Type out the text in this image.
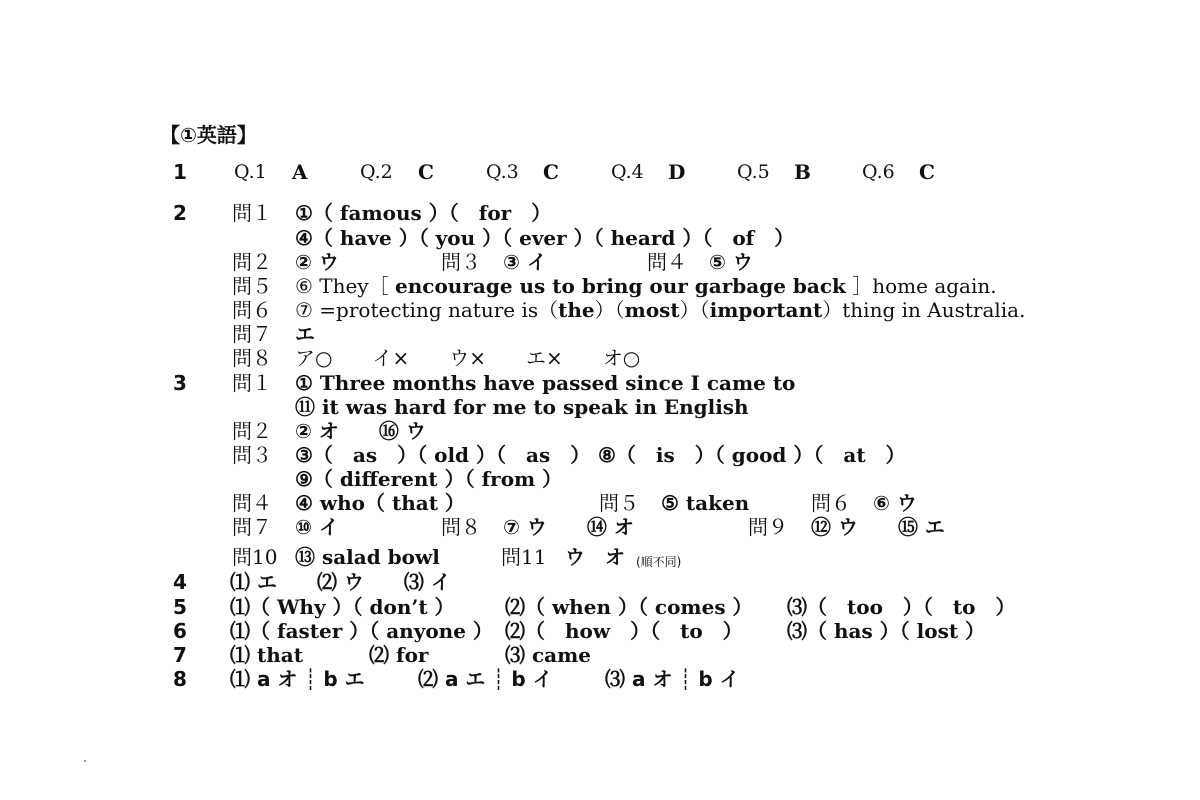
【①英語】
1 Q.1 A	Q.2 C	Q.3 C	Q.4 D	Q.5 B	Q.6 C
2 問１ ①（ famous ）（　for　）
④（ have ）（ you ）（ ever ）（ heard ）（　of　）
問２ ② ウ	問３ ③ イ	問４ ⑤ ウ
問５ ⑥ They［ encourage us to bring our garbage back ］home again.
問６ ⑦ =protecting nature is（the）（most）（important）thing in Australia.
問７ エ
問８ ア○　　イ×　　ウ×　　エ×　　オ○
3 問１ ① Three months have passed since I came to
⑪ it was hard for me to speak in English
問２ ② オ　　⑯ ウ
問３ ③（　as　）（ old ）（　as　） ⑧（　is　）（ good ）（　at　）
⑨（ different ）（ from ）
問４ ④ who（ that ）	問５ ⑤ taken	問６ ⑥ ウ
問７ ⑩ イ	問８ ⑦ ウ　　⑭ オ	問９ ⑫ ウ　　⑮ エ
問10 ⑬ salad bowl	問11 ウ　オ (順不同)
4 ⑴ エ　　⑵ ウ　　⑶ イ
5 ⑴（ Why ）（ don’t ）	⑵（ when ）（ comes ） ⑶（　too　）（　to　）
6 ⑴（ faster ）（ anyone ） ⑵（　how　）（　to　） ⑶（ has ）（ lost ）
7 ⑴ that	⑵ for	⑶ came
8 ⑴ a オ ┊ b エ	⑵ a エ ┊ b イ	⑶ a オ ┊ b イ
